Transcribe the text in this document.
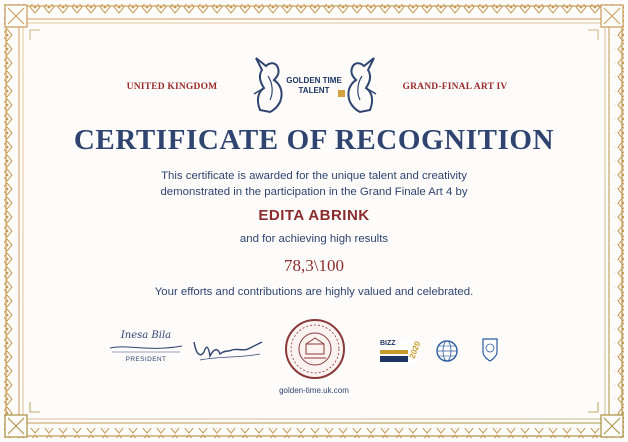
UNITED KINGDOM	GRAND-FINAL ART IV
GOLDEN TIME
TALENT
CERTIFICATE OF RECOGNITION
This certificate is awarded for the unique talent and creativity
demonstrated in the participation in the Grand Finale Art 4 by
EDITA ABRINK
and for achieving high results
78,3\100
Your efforts and contributions are highly valued and celebrated.
Inesa Bila
PRESIDENT
BIZZ	2020
golden-time.uk.com
